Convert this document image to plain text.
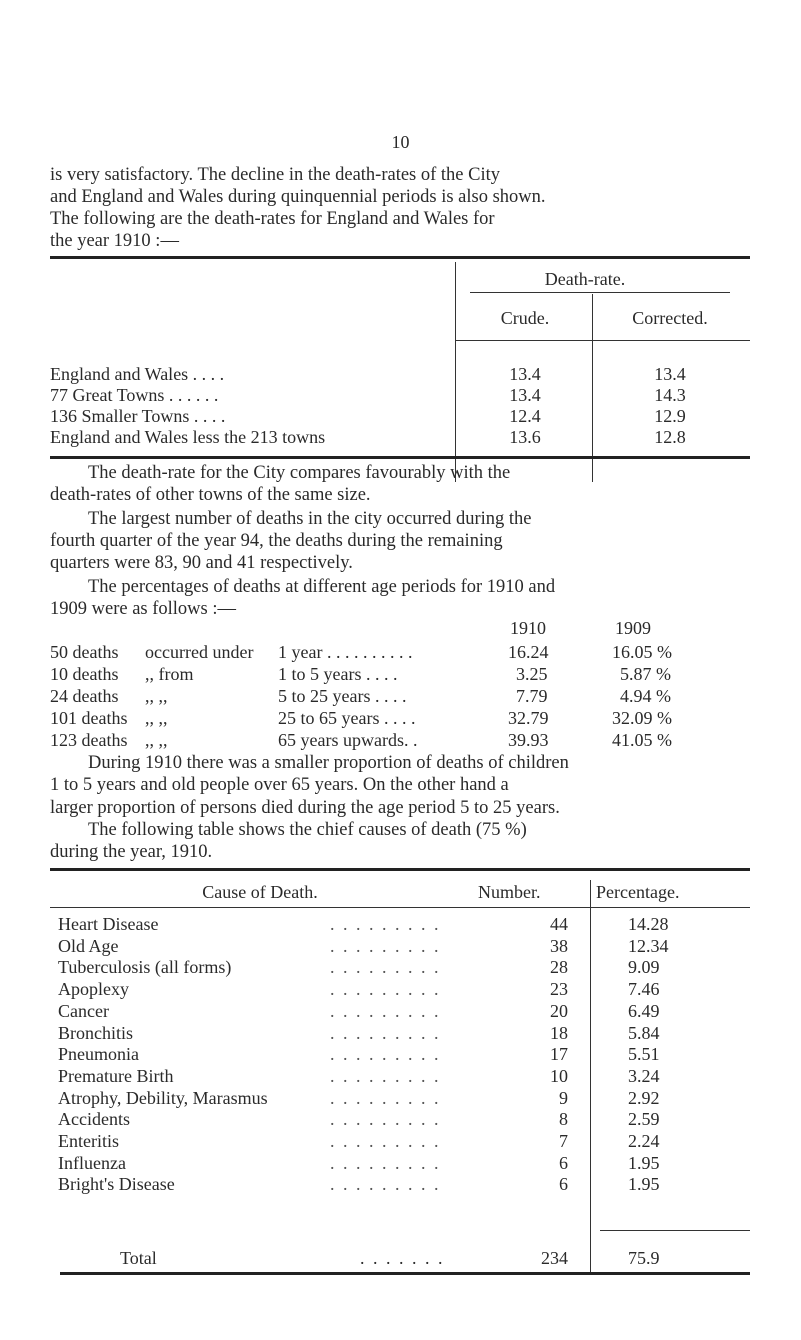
10
is very satisfactory. The decline in the death-rates of the City
and England and Wales during quinquennial periods is also shown.
The following are the death-rates for England and Wales for
the year 1910 :—
Death-rate.
Crude.	Corrected.
England and Wales . . . .	13.4	13.4
77 Great Towns . . . . . .	13.4	14.3
136 Smaller Towns . . . .	12.4	12.9
England and Wales less the 213 towns	13.6	12.8
The death-rate for the City compares favourably with the
death-rates of other towns of the same size.
The largest number of deaths in the city occurred during the
fourth quarter of the year 94, the deaths during the remaining
quarters were 83, 90 and 41 respectively.
The percentages of deaths at different age periods for 1910 and
1909 were as follows :—
1910	1909
50 deaths occurred under 1 year . . . . . . . . . .	16.24	16.05 %
10 deaths ,, from	1 to 5 years . . . .	3.25	5.87 %
24 deaths ,, ,,	5 to 25 years . . . .	7.79	4.94 %
101 deaths ,, ,,	25 to 65 years . . . .	32.79	32.09 %
123 deaths ,, ,,	65 years upwards. .	39.93	41.05 %
During 1910 there was a smaller proportion of deaths of children
1 to 5 years and old people over 65 years. On the other hand a
larger proportion of persons died during the age period 5 to 25 years.
The following table shows the chief causes of death (75 %)
during the year, 1910.
Cause of Death.	Number.	Percentage.
Heart Disease	. . . . . . . . .	44	14.28
Old Age	. . . . . . . . .	38	12.34
Tuberculosis (all forms)	. . . . . . . . .	28	9.09
Apoplexy	. . . . . . . . .	23	7.46
Cancer	. . . . . . . . .	20	6.49
Bronchitis	. . . . . . . . .	18	5.84
Pneumonia	. . . . . . . . .	17	5.51
Premature Birth	. . . . . . . . .	10	3.24
Atrophy, Debility, Marasmus	. . . . . . . . .	9	2.92
Accidents	. . . . . . . . .	8	2.59
Enteritis	. . . . . . . . .	7	2.24
Influenza	. . . . . . . . .	6	1.95
Bright's Disease	. . . . . . . . .	6	1.95
Total	. . . . . . .	234	75.9
